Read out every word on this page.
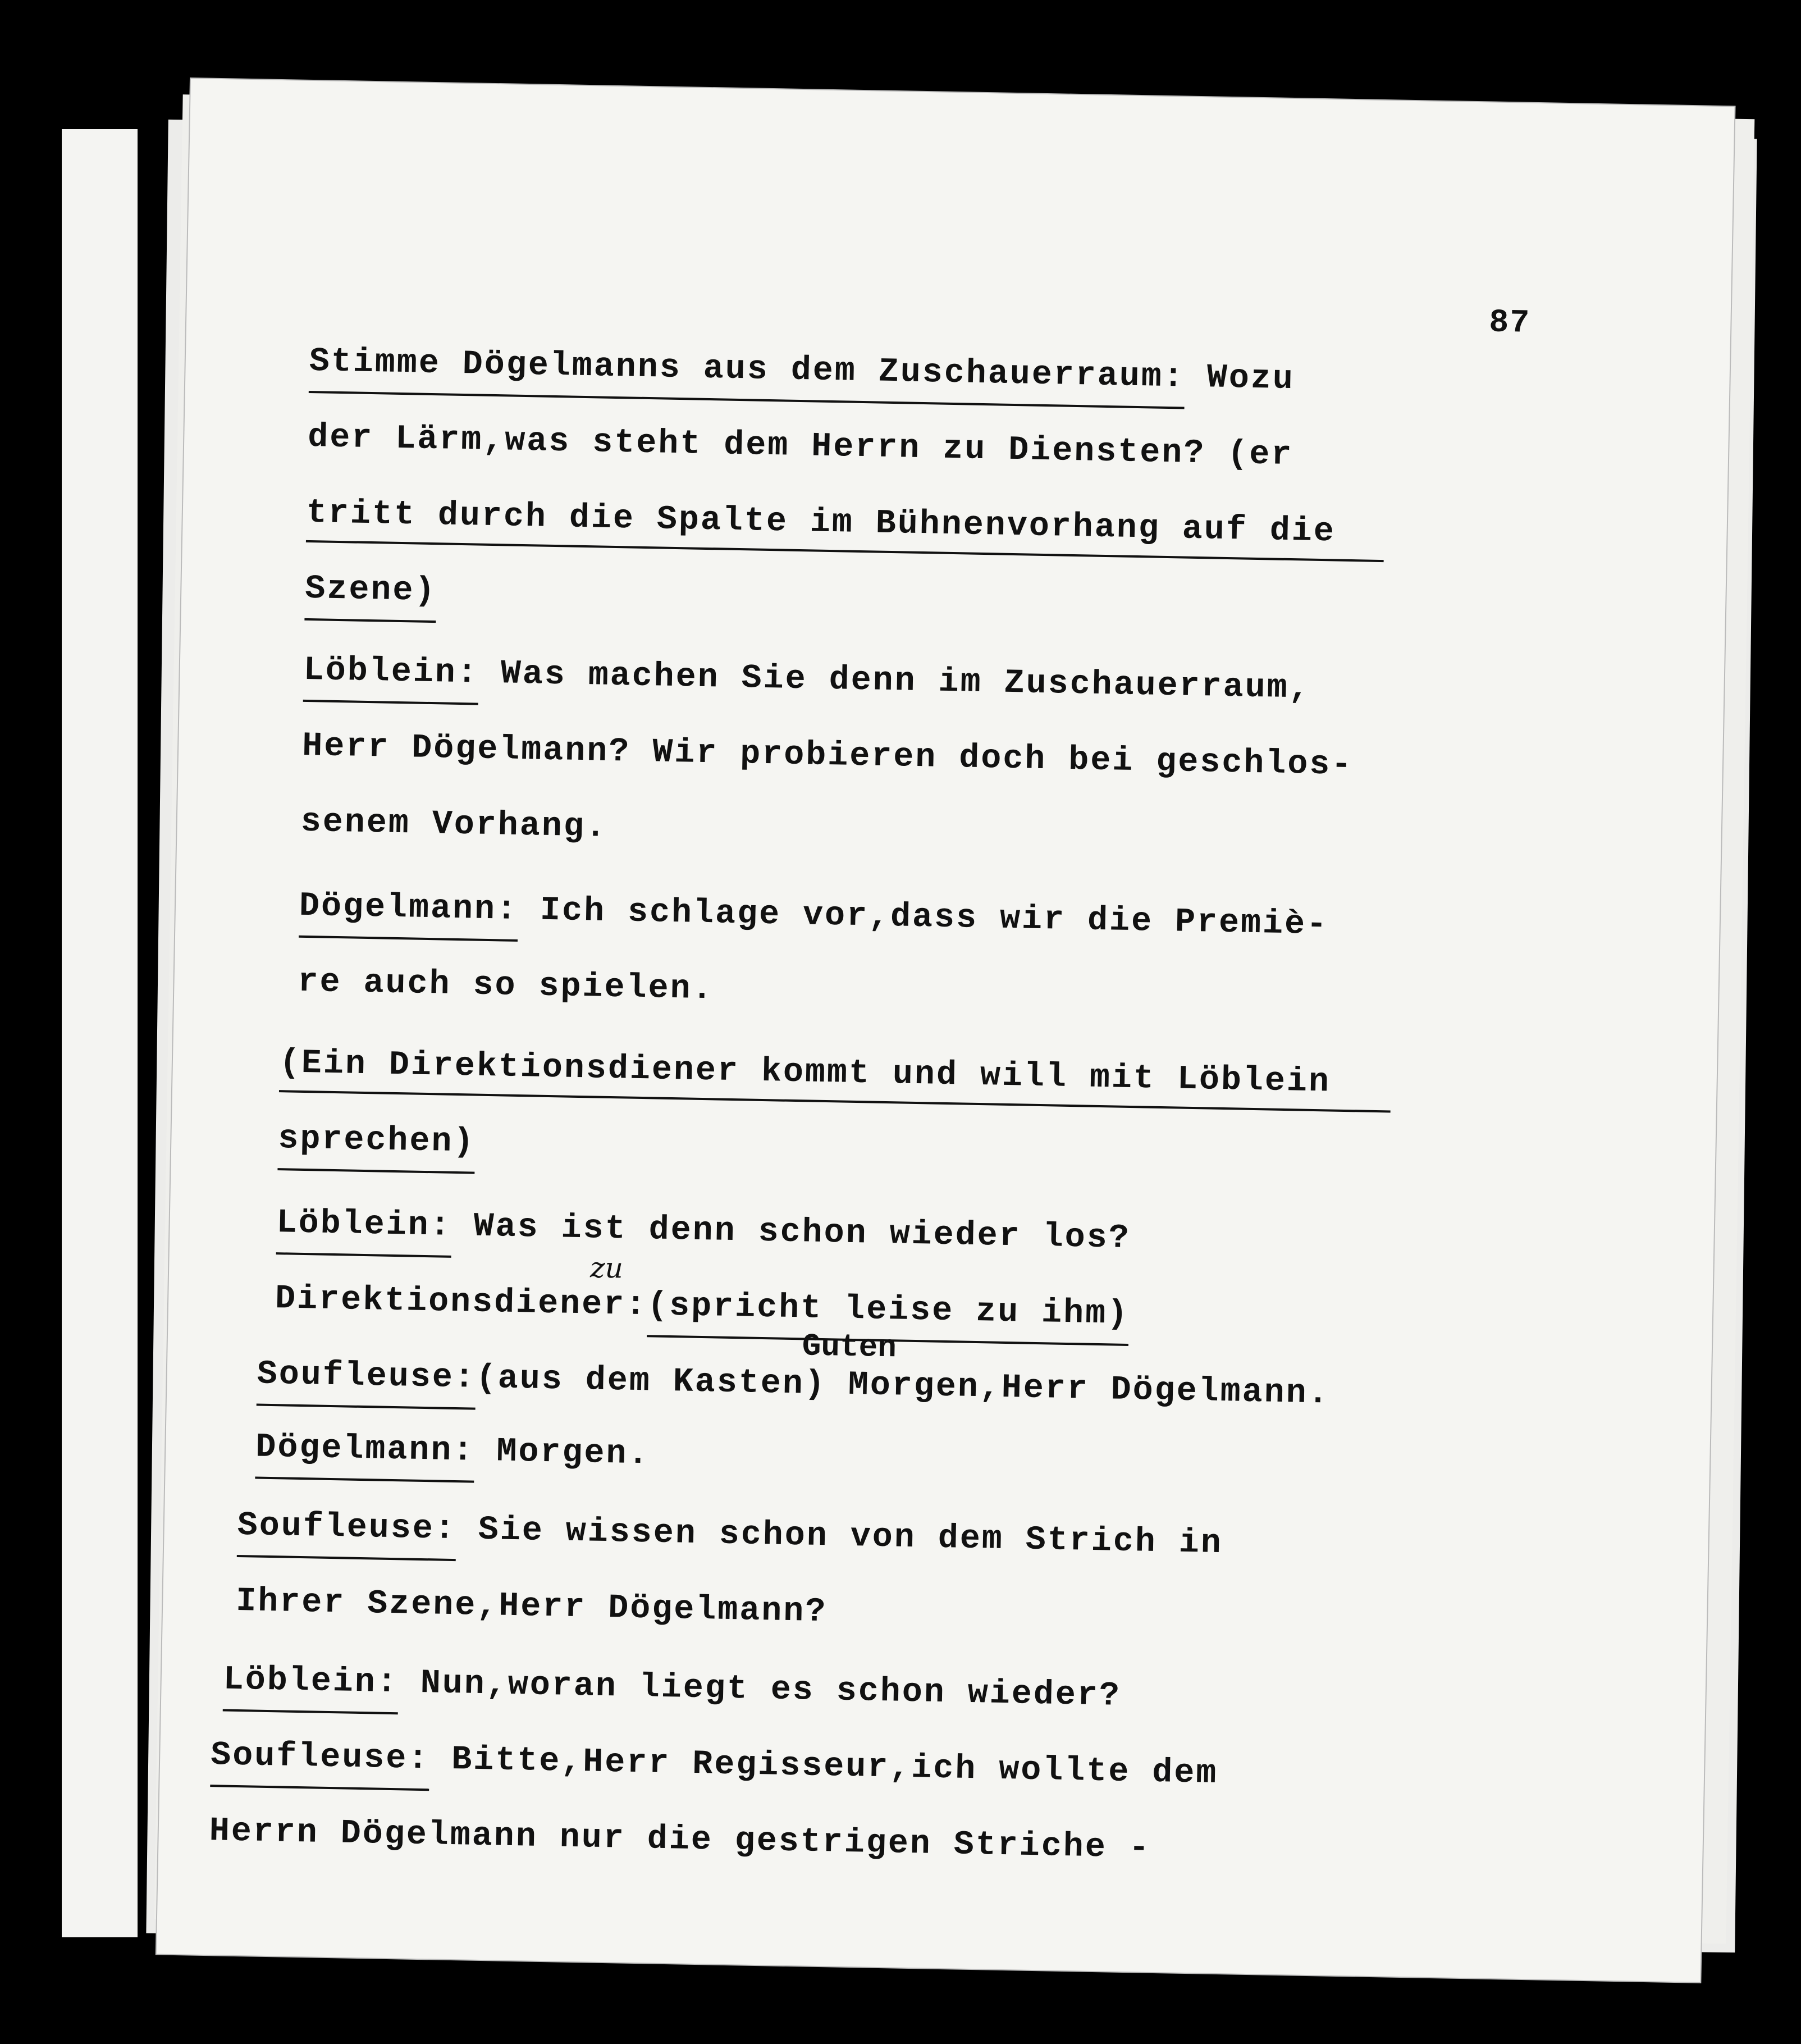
87
Stimme Dögelmanns aus dem Zuschauerraum: Wozu
der Lärm,was steht dem Herrn zu Diensten? (er
tritt durch die Spalte im Bühnenvorhang auf die
Szene)
Löblein: Was machen Sie denn im Zuschauerraum,
Herr Dögelmann? Wir probieren doch bei geschlos-
senem Vorhang.
Dögelmann: Ich schlage vor,dass wir die Premiè-
re auch so spielen.
(Ein Direktionsdiener kommt und will mit Löblein
sprechen)
Löblein: Was ist denn schon wieder los?
zu
Direktionsdiener:(spricht leise zu ihm)
Guten
Soufleuse:(aus dem Kasten) Morgen,Herr Dögelmann.
Dögelmann: Morgen.
Soufleuse: Sie wissen schon von dem Strich in
Ihrer Szene,Herr Dögelmann?
Löblein: Nun,woran liegt es schon wieder?
Soufleuse: Bitte,Herr Regisseur,ich wollte dem
Herrn Dögelmann nur die gestrigen Striche -
